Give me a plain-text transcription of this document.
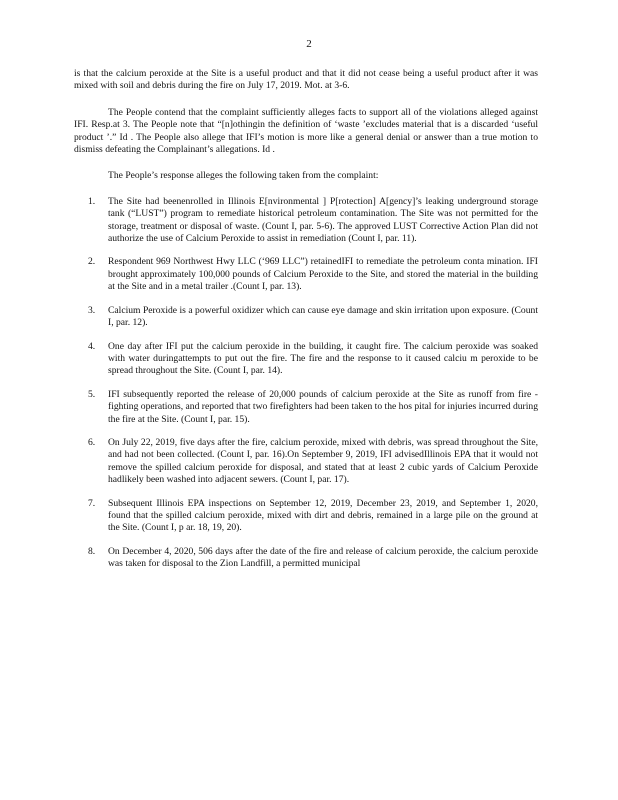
2

is that the calcium peroxide at the Site is a useful product and that it did not cease being a useful product after it was mixed with soil and debris during the fire on July 17, 2019. Mot. at 3-6.

The People contend that the complaint sufficiently alleges facts to support all of the violations alleged against IFI. Resp.at 3. The People note that “[n]othingin the definition of ‘waste ’excludes material that is a discarded ‘useful product ’.” Id . The People also allege that IFI’s motion is more like a general denial or answer than a true motion to dismiss defeating the Complainant’s allegations. Id .

The People’s response alleges the following taken from the complaint:

1. The Site had beenenrolled in Illinois E[nvironmental ] P[rotection] A[gency]’s leaking underground storage tank (“LUST”) program to remediate historical petroleum contamination. The Site was not permitted for the storage, treatment or disposal of waste. (Count I, par. 5-6). The approved LUST Corrective Action Plan did not authorize the use of Calcium Peroxide to assist in remediation (Count I, par. 11).
2. Respondent 969 Northwest Hwy LLC (‘969 LLC”) retainedIFI to remediate the petroleum conta mination. IFI brought approximately 100,000 pounds of Calcium Peroxide to the Site, and stored the material in the building at the Site and in a metal trailer .(Count I, par. 13).
3. Calcium Peroxide is a powerful oxidizer which can cause eye damage and skin irritation upon exposure. (Count I, par. 12).
4. One day after IFI put the calcium peroxide in the building, it caught fire. The calcium peroxide was soaked with water duringattempts to put out the fire. The fire and the response to it caused calciu m peroxide to be spread throughout the Site. (Count I, par. 14).
5. IFI subsequently reported the release of 20,000 pounds of calcium peroxide at the Site as runoff from fire -fighting operations, and reported that two firefighters had been taken to the hos pital for injuries incurred during the fire at the Site. (Count I, par. 15).
6. On July 22, 2019, five days after the fire, calcium peroxide, mixed with debris, was spread throughout the Site, and had not been collected. (Count I, par. 16).On September 9, 2019, IFI advisedIllinois EPA that it would not remove the spilled calcium peroxide for disposal, and stated that at least 2 cubic yards of Calcium Peroxide hadlikely been washed into adjacent sewers. (Count I, par. 17).
7. Subsequent Illinois EPA inspections on September 12, 2019, December 23, 2019, and September 1, 2020, found that the spilled calcium peroxide, mixed with dirt and debris, remained in a large pile on the ground at the Site. (Count I, p ar. 18, 19, 20).
8. On December 4, 2020, 506 days after the date of the fire and release of calcium peroxide, the calcium peroxide was taken for disposal to the Zion Landfill, a permitted municipal
